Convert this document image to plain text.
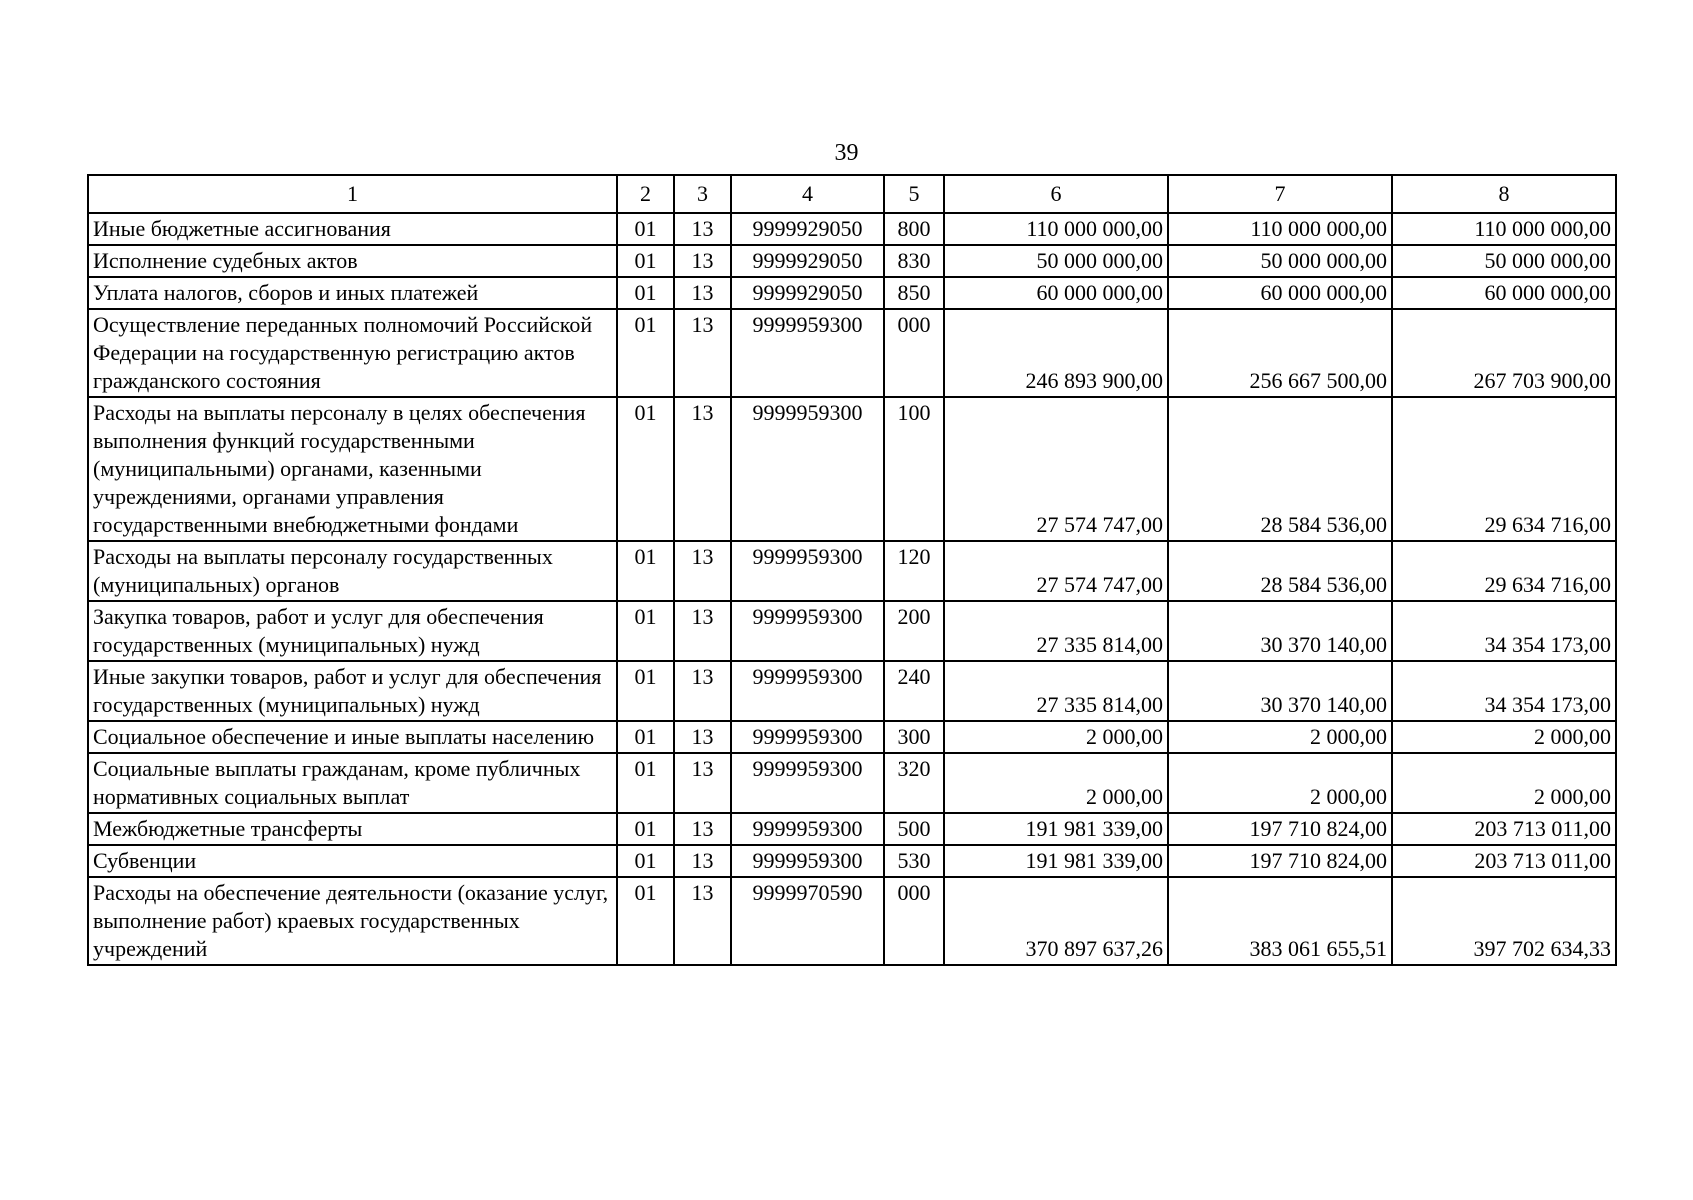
39
1	2	3	4	5	6	7	8
Иные бюджетные ассигнования	01	13	9999929050	800	110 000 000,00	110 000 000,00	110 000 000,00
Исполнение судебных актов	01	13	9999929050	830	50 000 000,00	50 000 000,00	50 000 000,00
Уплата налогов, сборов и иных платежей	01	13	9999929050	850	60 000 000,00	60 000 000,00	60 000 000,00
Осуществление переданных полномочий Российской Федерации на государственную регистрацию актов гражданского состояния	01	13	9999959300	000	246 893 900,00	256 667 500,00	267 703 900,00
Расходы на выплаты персоналу в целях обеспечения выполнения функций государственными (муниципальными) органами, казенными учреждениями, органами управления государственными внебюджетными фондами	01	13	9999959300	100	27 574 747,00	28 584 536,00	29 634 716,00
Расходы на выплаты персоналу государственных (муниципальных) органов	01	13	9999959300	120	27 574 747,00	28 584 536,00	29 634 716,00
Закупка товаров, работ и услуг для обеспечения государственных (муниципальных) нужд	01	13	9999959300	200	27 335 814,00	30 370 140,00	34 354 173,00
Иные закупки товаров, работ и услуг для обеспечения государственных (муниципальных) нужд	01	13	9999959300	240	27 335 814,00	30 370 140,00	34 354 173,00
Социальное обеспечение и иные выплаты населению	01	13	9999959300	300	2 000,00	2 000,00	2 000,00
Социальные выплаты гражданам, кроме публичных нормативных социальных выплат	01	13	9999959300	320	2 000,00	2 000,00	2 000,00
Межбюджетные трансферты	01	13	9999959300	500	191 981 339,00	197 710 824,00	203 713 011,00
Субвенции	01	13	9999959300	530	191 981 339,00	197 710 824,00	203 713 011,00
Расходы на обеспечение деятельности (оказание услуг, выполнение работ) краевых государственных учреждений	01	13	9999970590	000	370 897 637,26	383 061 655,51	397 702 634,33
